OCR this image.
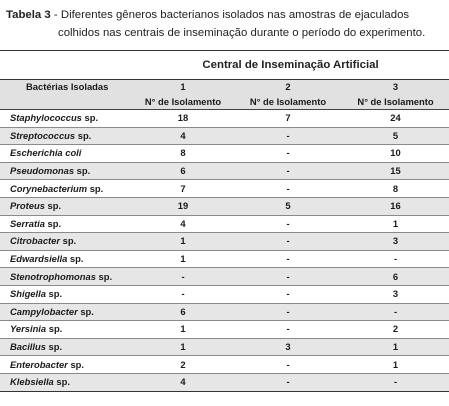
Tabela 3 - Diferentes gêneros bacterianos isolados nas amostras de ejaculados
colhidos nas centrais de inseminação durante o período do experimento.
	Central de Inseminação Artificial		
Bactérias Isoladas	1	2	3
	N° de Isolamento	N° de Isolamento	N° de Isolamento
Staphylococcus sp.	18	7	24
Streptococcus sp.	4	-	5
Escherichia coli	8	-	10
Pseudomonas sp.	6	-	15
Corynebacterium sp.	7	-	8
Proteus sp.	19	5	16
Serratia sp.	4	-	1
Citrobacter sp.	1	-	3
Edwardsiella sp.	1	-	-
Stenotrophomonas sp.	-	-	6
Shigella sp.	-	-	3
Campylobacter sp.	6	-	-
Yersinia sp.	1	-	2
Bacillus sp.	1	3	1
Enterobacter sp.	2	-	1
Klebsiella sp.	4	-	-
